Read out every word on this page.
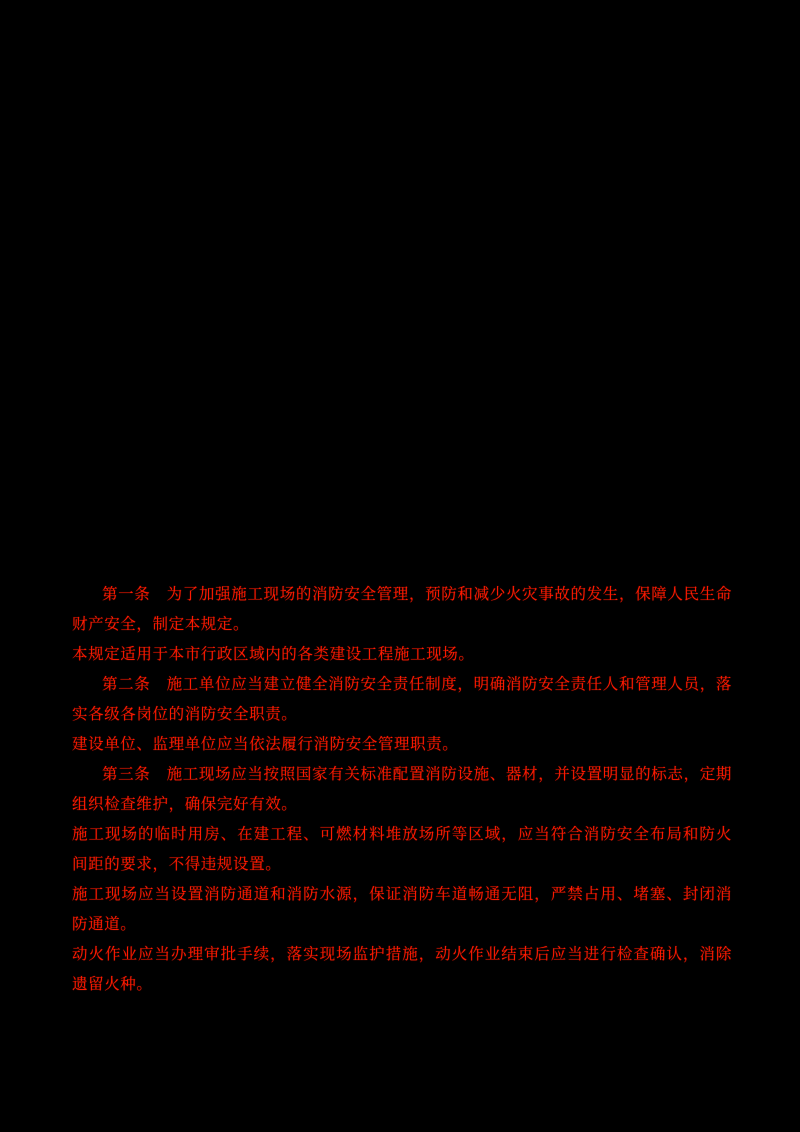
第一条　为了加强施工现场的消防安全管理，预防和减少火灾事故的发生，保障人民生命财产安全，制定本规定。

本规定适用于本市行政区域内的各类建设工程施工现场。

第二条　施工单位应当建立健全消防安全责任制度，明确消防安全责任人和管理人员，落实各级各岗位的消防安全职责。

建设单位、监理单位应当依法履行消防安全管理职责。

第三条　施工现场应当按照国家有关标准配置消防设施、器材，并设置明显的标志，定期组织检查维护，确保完好有效。

施工现场的临时用房、在建工程、可燃材料堆放场所等区域，应当符合消防安全布局和防火间距的要求，不得违规设置。

施工现场应当设置消防通道和消防水源，保证消防车道畅通无阻，严禁占用、堵塞、封闭消防通道。

动火作业应当办理审批手续，落实现场监护措施，动火作业结束后应当进行检查确认，消除遗留火种。
